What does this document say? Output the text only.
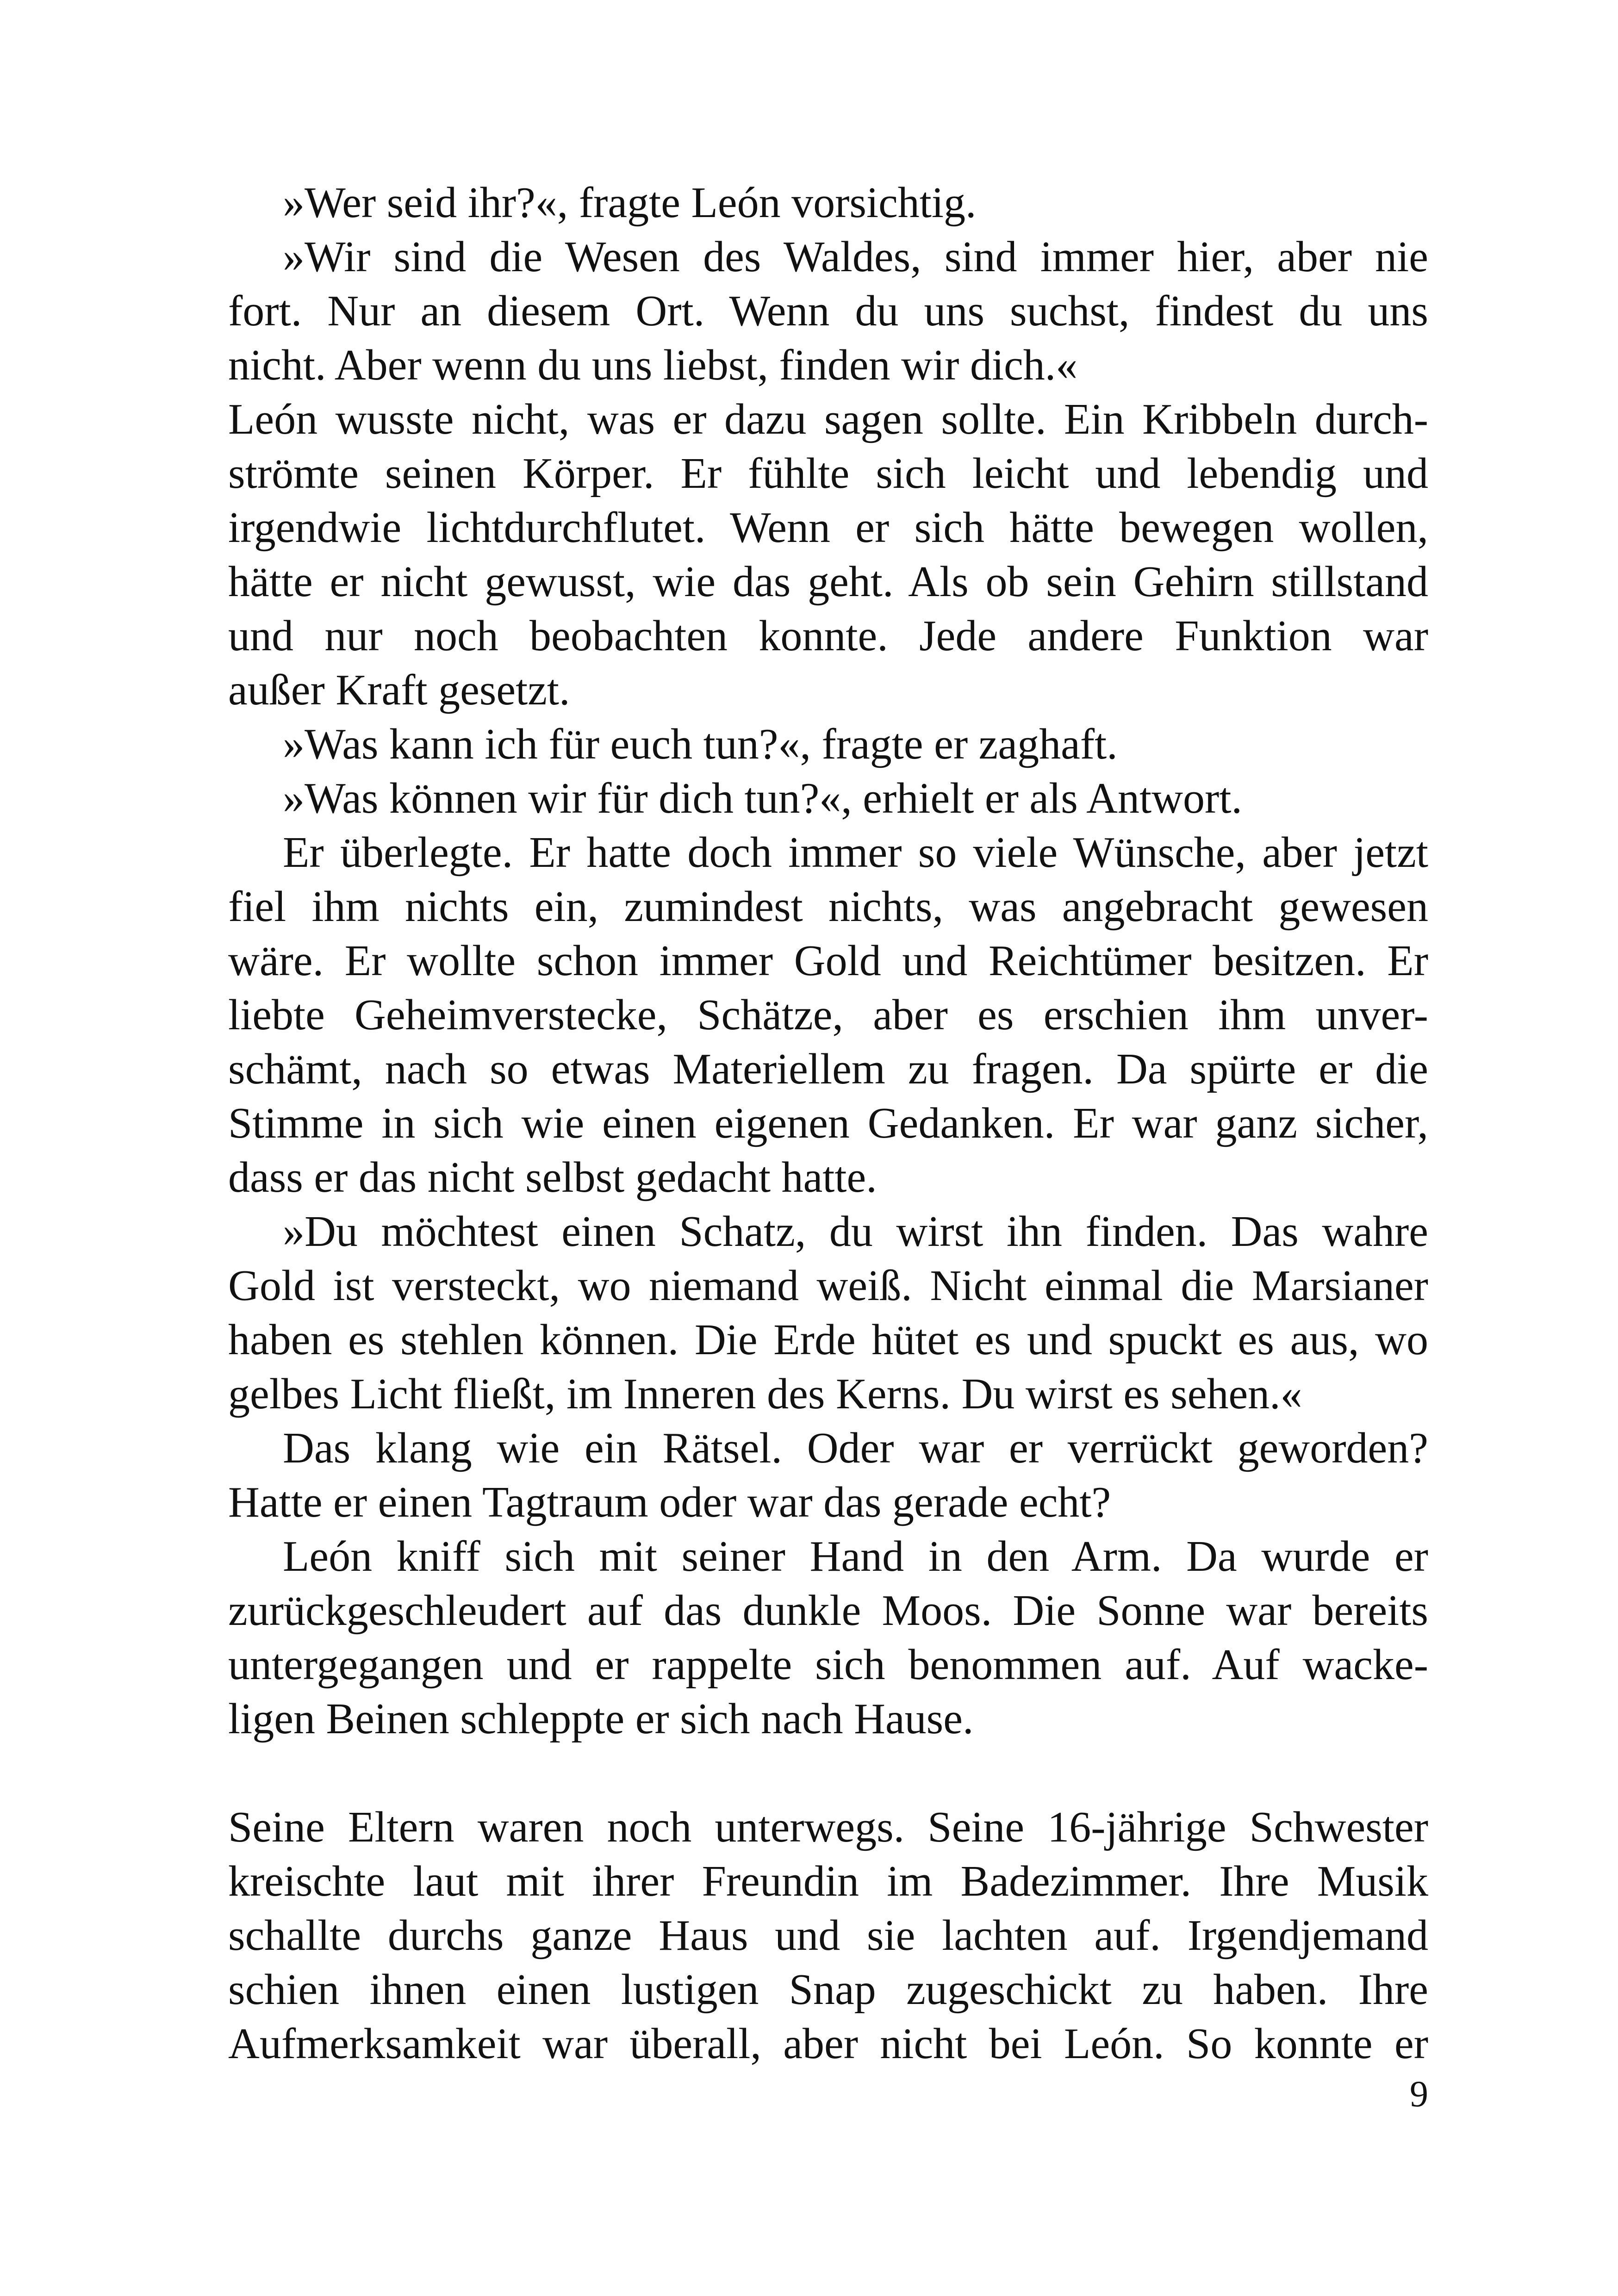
»Wer seid ihr?«, fragte León vorsichtig.
»Wir sind die Wesen des Waldes, sind immer hier, aber nie
fort. Nur an diesem Ort. Wenn du uns suchst, findest du uns
nicht. Aber wenn du uns liebst, finden wir dich.«
León wusste nicht, was er dazu sagen sollte. Ein Kribbeln durch-
strömte seinen Körper. Er fühlte sich leicht und lebendig und
irgendwie lichtdurchflutet. Wenn er sich hätte bewegen wollen,
hätte er nicht gewusst, wie das geht. Als ob sein Gehirn stillstand
und nur noch beobachten konnte. Jede andere Funktion war
außer Kraft gesetzt.
»Was kann ich für euch tun?«, fragte er zaghaft.
»Was können wir für dich tun?«, erhielt er als Antwort.
Er überlegte. Er hatte doch immer so viele Wünsche, aber jetzt
fiel ihm nichts ein, zumindest nichts, was angebracht gewesen
wäre. Er wollte schon immer Gold und Reichtümer besitzen. Er
liebte Geheimverstecke, Schätze, aber es erschien ihm unver-
schämt, nach so etwas Materiellem zu fragen. Da spürte er die
Stimme in sich wie einen eigenen Gedanken. Er war ganz sicher,
dass er das nicht selbst gedacht hatte.
»Du möchtest einen Schatz, du wirst ihn finden. Das wahre
Gold ist versteckt, wo niemand weiß. Nicht einmal die Marsianer
haben es stehlen können. Die Erde hütet es und spuckt es aus, wo
gelbes Licht fließt, im Inneren des Kerns. Du wirst es sehen.«
Das klang wie ein Rätsel. Oder war er verrückt geworden?
Hatte er einen Tagtraum oder war das gerade echt?
León kniff sich mit seiner Hand in den Arm. Da wurde er
zurückgeschleudert auf das dunkle Moos. Die Sonne war bereits
untergegangen und er rappelte sich benommen auf. Auf wacke-
ligen Beinen schleppte er sich nach Hause.
Seine Eltern waren noch unterwegs. Seine 16-jährige Schwester
kreischte laut mit ihrer Freundin im Badezimmer. Ihre Musik
schallte durchs ganze Haus und sie lachten auf. Irgendjemand
schien ihnen einen lustigen Snap zugeschickt zu haben. Ihre
Aufmerksamkeit war überall, aber nicht bei León. So konnte er
9
